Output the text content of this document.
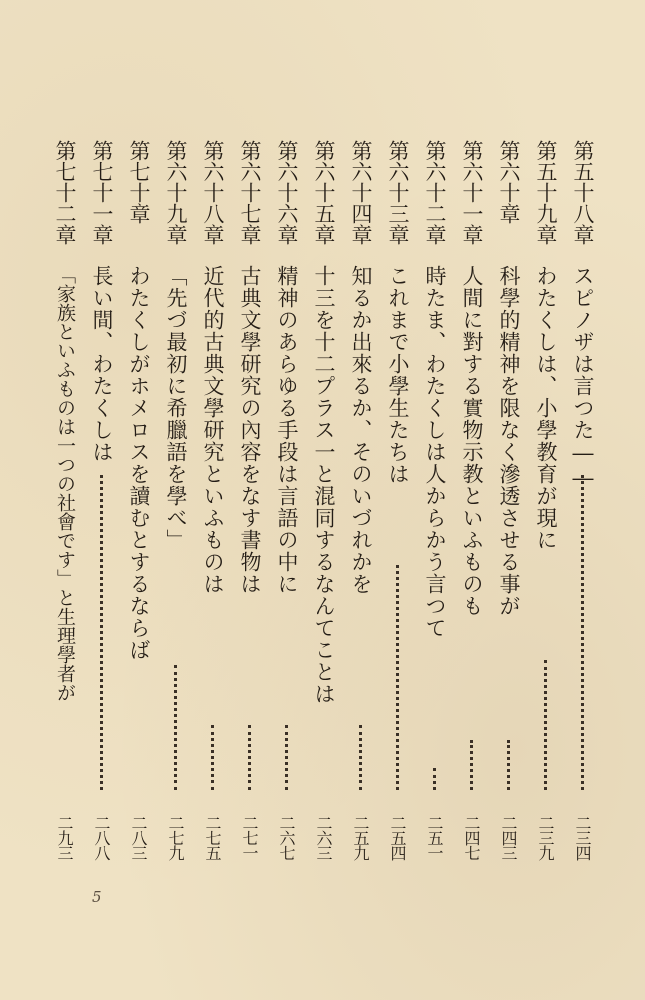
第五十八章
スピノザは言つた――
二三四
第五十九章
わたくしは、小學教育が現に
二三九
第六十章
科學的精神を限なく滲透させる事が
二四三
第六十一章
人間に對する實物示教といふものも
二四七
第六十二章
時たま、わたくしは人からかう言つて
二五一
第六十三章
これまで小學生たちは
二五四
第六十四章
知るか出來るか、そのいづれかを
二五九
第六十五章
十三を十二プラス一と混同するなんてことは
二六三
第六十六章
精神のあらゆる手段は言語の中に
二六七
第六十七章
古典文學研究の內容をなす書物は
二七一
第六十八章
近代的古典文學研究といふものは
二七五
第六十九章
「先づ最初に希臘語を學べ」
二七九
第七十章
わたくしがホメロスを讀むとするならば
二八三
第七十一章
長い間、わたくしは
二八八
第七十二章
「家族といふものは一つの社會です」と生理學者が
二九三
5
